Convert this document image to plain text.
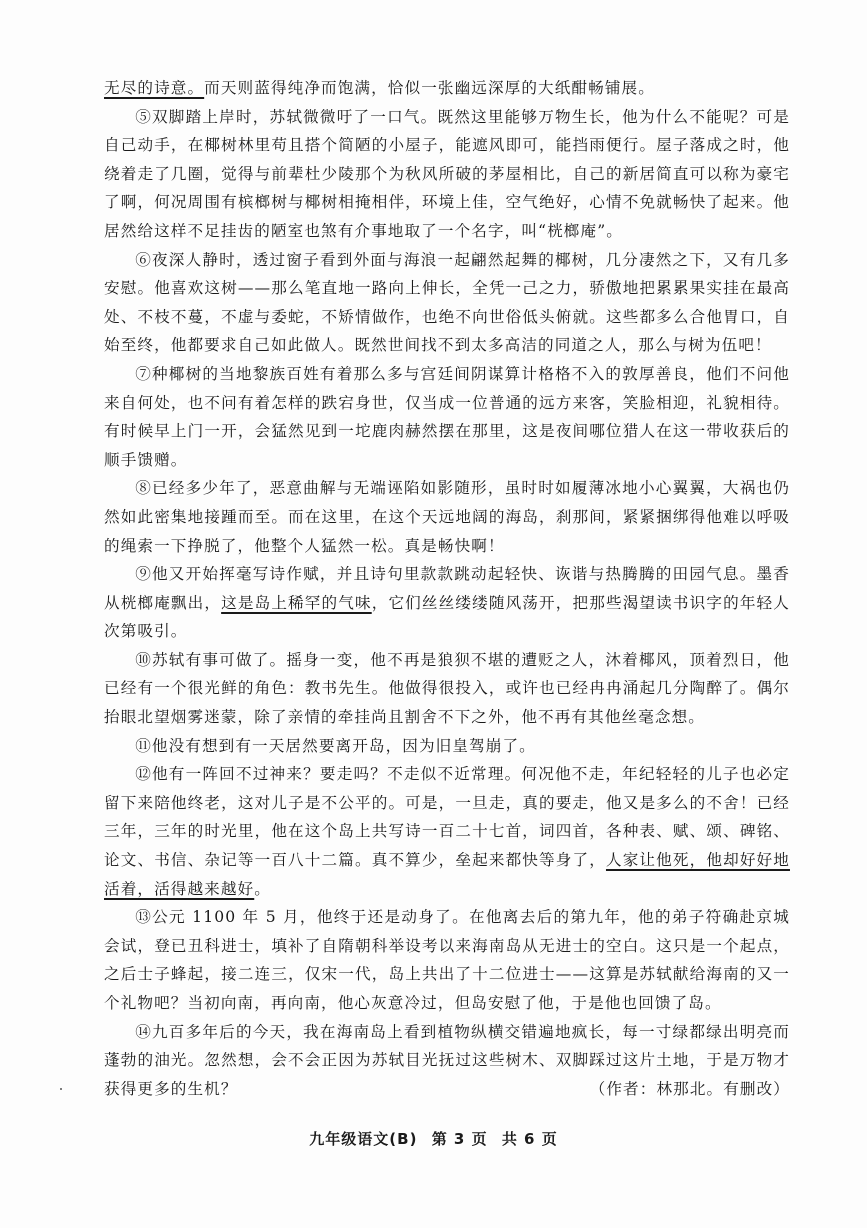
无尽的诗意。而天则蓝得纯净而饱满，恰似一张幽远深厚的大纸酣畅铺展。

⑤双脚踏上岸时，苏轼微微吁了一口气。既然这里能够万物生长，他为什么不能呢？可是自己动手，在椰树林里苟且搭个简陋的小屋子，能遮风即可，能挡雨便行。屋子落成之时，他绕着走了几圈，觉得与前辈杜少陵那个为秋风所破的茅屋相比，自己的新居简直可以称为豪宅了啊，何况周围有槟榔树与椰树相掩相伴，环境上佳，空气绝好，心情不免就畅快了起来。他居然给这样不足挂齿的陋室也煞有介事地取了一个名字，叫“桄榔庵”。

⑥夜深人静时，透过窗子看到外面与海浪一起翩然起舞的椰树，几分凄然之下，又有几多安慰。他喜欢这树——那么笔直地一路向上伸长，全凭一己之力，骄傲地把累累果实挂在最高处、不枝不蔓，不虚与委蛇，不矫情做作，也绝不向世俗低头俯就。这些都多么合他胃口，自始至终，他都要求自己如此做人。既然世间找不到太多高洁的同道之人，那么与树为伍吧！

⑦种椰树的当地黎族百姓有着那么多与宫廷间阴谋算计格格不入的敦厚善良，他们不问他来自何处，也不问有着怎样的跌宕身世，仅当成一位普通的远方来客，笑脸相迎，礼貌相待。有时候早上门一开，会猛然见到一坨鹿肉赫然摆在那里，这是夜间哪位猎人在这一带收获后的顺手馈赠。

⑧已经多少年了，恶意曲解与无端诬陷如影随形，虽时时如履薄冰地小心翼翼，大祸也仍然如此密集地接踵而至。而在这里，在这个天远地阔的海岛，刹那间，紧紧捆绑得他难以呼吸的绳索一下挣脱了，他整个人猛然一松。真是畅快啊！

⑨他又开始挥毫写诗作赋，并且诗句里款款跳动起轻快、诙谐与热腾腾的田园气息。墨香从桄榔庵飘出，这是岛上稀罕的气味，它们丝丝缕缕随风荡开，把那些渴望读书识字的年轻人次第吸引。

⑩苏轼有事可做了。摇身一变，他不再是狼狈不堪的遭贬之人，沐着椰风，顶着烈日，他已经有一个很光鲜的角色：教书先生。他做得很投入，或许也已经冉冉涌起几分陶醉了。偶尔抬眼北望烟雾迷蒙，除了亲情的牵挂尚且割舍不下之外，他不再有其他丝毫念想。

⑪他没有想到有一天居然要离开岛，因为旧皇驾崩了。

⑫他有一阵回不过神来？要走吗？不走似不近常理。何况他不走，年纪轻轻的儿子也必定留下来陪他终老，这对儿子是不公平的。可是，一旦走，真的要走，他又是多么的不舍！已经三年，三年的时光里，他在这个岛上共写诗一百二十七首，词四首，各种表、赋、颂、碑铭、论文、书信、杂记等一百八十二篇。真不算少，垒起来都快等身了，人家让他死，他却好好地活着，活得越来越好。

⑬公元 1100 年 5 月，他终于还是动身了。在他离去后的第九年，他的弟子符确赴京城会试，登已丑科进士，填补了自隋朝科举设考以来海南岛从无进士的空白。这只是一个起点，之后士子蜂起，接二连三，仅宋一代，岛上共出了十二位进士——这算是苏轼献给海南的又一个礼物吧？当初向南，再向南，他心灰意冷过，但岛安慰了他，于是他也回馈了岛。

⑭九百多年后的今天，我在海南岛上看到植物纵横交错遍地疯长，每一寸绿都绿出明亮而蓬勃的油光。忽然想，会不会正因为苏轼目光抚过这些树木、双脚踩过这片土地，于是万物才获得更多的生机？	（作者：林那北。有删改）

九年级语文(B) 第 3 页 共 6 页
